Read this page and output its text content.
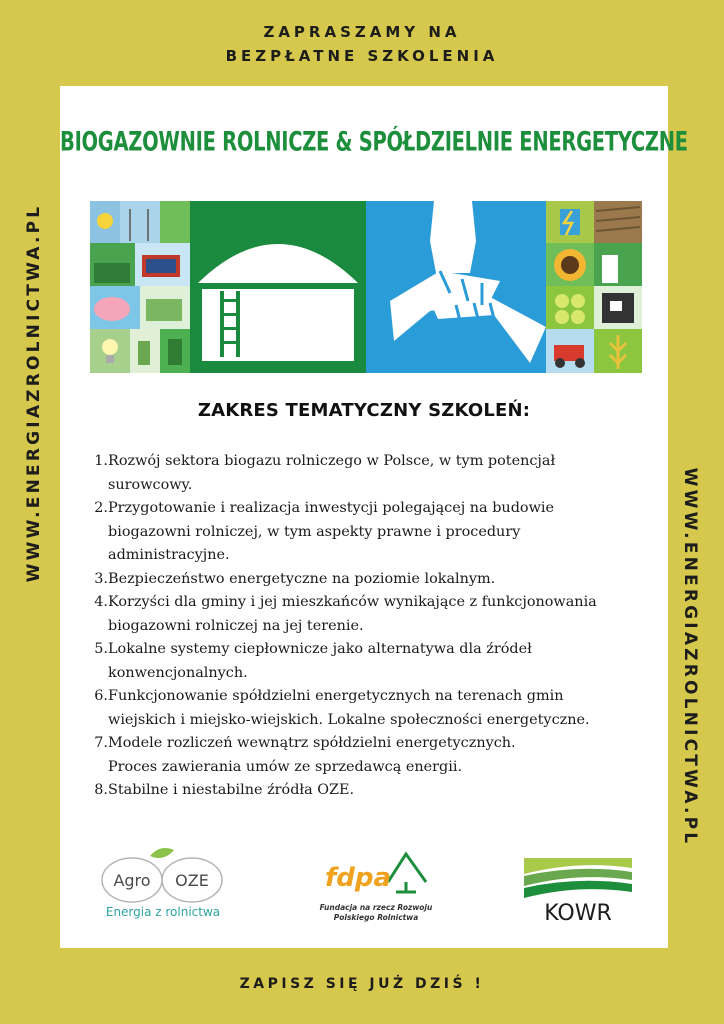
ZAPRASZAMY NA
BEZPŁATNE SZKOLENIA
WWW.ENERGIAZROLNICTWA.PL
WWW.ENERGIAZROLNICTWA.PL
BIOGAZOWNIE ROLNICZE & SPÓŁDZIELNIE ENERGETYCZNE
ZAKRES TEMATYCZNY SZKOLEŃ:
1. Rozwój sektora biogazu rolniczego w Polsce, w tym potencjał
surowcowy.
2. Przygotowanie i realizacja inwestycji polegającej na budowie
biogazowni rolniczej, w tym aspekty prawne i procedury
administracyjne.
3. Bezpieczeństwo energetyczne na poziomie lokalnym.
4. Korzyści dla gminy i jej mieszkańców wynikające z funkcjonowania
biogazowni rolniczej na jej terenie.
5. Lokalne systemy ciepłownicze jako alternatywa dla źródeł
konwencjonalnych.
6. Funkcjonowanie spółdzielni energetycznych na terenach gmin
wiejskich i miejsko-wiejskich. Lokalne społeczności energetyczne.
7. Modele rozliczeń wewnątrz spółdzielni energetycznych.
Proces zawierania umów ze sprzedawcą energii.
8. Stabilne i niestabilne źródła OZE.
Agro OZE
Energia z rolnictwa
fdpa
Fundacja na rzecz Rozwoju
Polskiego Rolnictwa	KOWR
ZAPISZ SIĘ JUŻ DZIŚ !
